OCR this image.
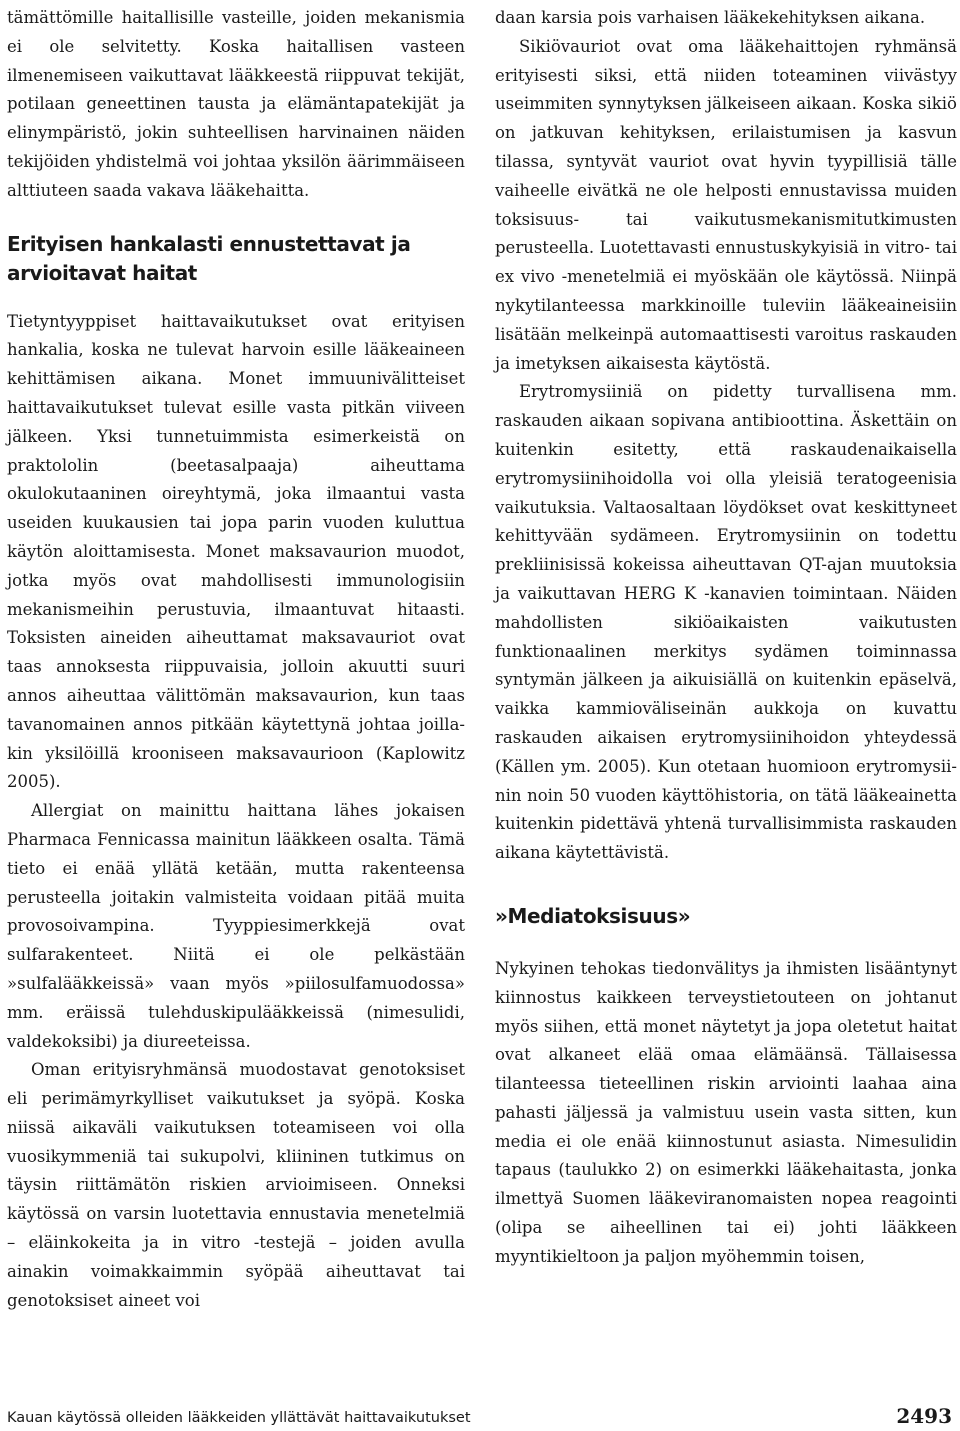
tämättömille haitallisille vasteille, joiden mekanismia ei ole selvitetty. Koska haitallisen vasteen ilmenemiseen vaikuttavat lääkkeestä riippuvat tekijät, potilaan geneettinen tausta ja elämäntapatekijät ja elinympäristö, jokin suhteellisen harvinainen näiden tekijöiden yhdistelmä voi johtaa yksilön äärimmäiseen alttiuteen saada vakava lääkehaitta.

Erityisen hankalasti ennustettavat ja arvioitavat haitat

Tietyntyyppiset haittavaikutukset ovat erityisen hankalia, koska ne tulevat harvoin esille lääkeaineen kehittämisen aikana. Monet immuunivälitteiset haittavaikutukset tulevat esille vasta pitkän viiveen jälkeen. Yksi tunnetuimmista esimerkeistä on praktololin (beetasalpaaja) aiheuttama okulokutaaninen oireyhtymä, joka ilmaantui vasta useiden kuukausien tai jopa parin vuoden kuluttua käytön aloittamisesta. Monet maksavaurion muodot, jotka myös ovat mahdollisesti immunologisiin mekanismeihin perustuvia, ilmaantuvat hitaasti. Toksisten aineiden aiheuttamat maksavauriot ovat taas annoksesta riippuvaisia, jolloin akuutti suuri annos aiheuttaa välittömän maksavaurion, kun taas tavanomainen annos pitkään käytettynä johtaa joillakin yksilöillä krooniseen maksavaurioon (Kaplowitz 2005).

Allergiat on mainittu haittana lähes jokaisen Pharmaca Fennicassa mainitun lääkkeen osalta. Tämä tieto ei enää yllätä ketään, mutta rakenteensa perusteella joitakin valmisteita voidaan pitää muita provosoivampina. Tyyppiesimerkkejä ovat sulfarakenteet. Niitä ei ole pelkästään »sulfalääkkeissä» vaan myös »piilosulfamuodossa» mm. eräissä tulehduskipulääkkeissä (nimesulidi, valdekoksibi) ja diureeteissa.

Oman erityisryhmänsä muodostavat genotoksiset eli perimämyrkylliset vaikutukset ja syöpä. Koska niissä aikaväli vaikutuksen toteamiseen voi olla vuosikymmeniä tai sukupolvi, kliininen tutkimus on täysin riittämätön riskien arvioimiseen. Onneksi käytössä on varsin luotettavia ennustavia menetelmiä – eläinkokeita ja in vitro -testejä – joiden avulla ainakin voimakkaimmin syöpää aiheuttavat tai genotoksiset aineet voi

daan karsia pois varhaisen lääkekehityksen aikana.

Sikiövauriot ovat oma lääkehaittojen ryhmänsä erityisesti siksi, että niiden toteaminen viivästyy useimmiten synnytyksen jälkeiseen aikaan. Koska sikiö on jatkuvan kehityksen, erilaistumisen ja kasvun tilassa, syntyvät vauriot ovat hyvin tyypillisiä tälle vaiheelle eivätkä ne ole helposti ennustavissa muiden toksisuus- tai vaikutusmekanismitutkimusten perusteella. Luotettavasti ennustuskykyisiä in vitro- tai ex vivo -menetelmiä ei myöskään ole käytössä. Niinpä nykytilanteessa markkinoille tuleviin lääkeaineisiin lisätään melkeinpä automaattisesti varoitus raskauden ja imetyksen aikaisesta käytöstä.

Erytromysiiniä on pidetty turvallisena mm. raskauden aikaan sopivana antibioottina. Äskettäin on kuitenkin esitetty, että raskaudenaikaisella erytromysiinihoidolla voi olla yleisiä teratogeenisia vaikutuksia. Valtaosaltaan löydökset ovat keskittyneet kehittyvään sydämeen. Erytromysiinin on todettu prekliinisissä kokeissa aiheuttavan QT-ajan muutoksia ja vaikuttavan HERG K -kanavien toimintaan. Näiden mahdollisten sikiöaikaisten vaikutusten funktionaalinen merkitys sydämen toiminnassa syntymän jälkeen ja aikuisiällä on kuitenkin epäselvä, vaikka kammioväliseinän aukkoja on kuvattu raskauden aikaisen erytromysiinihoidon yhteydessä (Källen ym. 2005). Kun otetaan huomioon erytromysiinin noin 50 vuoden käyttöhistoria, on tätä lääkeainetta kuitenkin pidettävä yhtenä turvallisimmista raskauden aikana käytettävistä.

»Mediatoksisuus»

Nykyinen tehokas tiedonvälitys ja ihmisten lisääntynyt kiinnostus kaikkeen terveystietouteen on johtanut myös siihen, että monet näytetyt ja jopa oletetut haitat ovat alkaneet elää omaa elämäänsä. Tällaisessa tilanteessa tieteellinen riskin arviointi laahaa aina pahasti jäljessä ja valmistuu usein vasta sitten, kun media ei ole enää kiinnostunut asiasta. Nimesulidin tapaus (taulukko 2) on esimerkki lääkehaitasta, jonka ilmettyä Suomen lääkeviranomaisten nopea reagointi (olipa se aiheellinen tai ei) johti lääkkeen myyntikieltoon ja paljon myöhemmin toisen,

Kauan käytössä olleiden lääkkeiden yllättävät haittavaikutukset	2493
